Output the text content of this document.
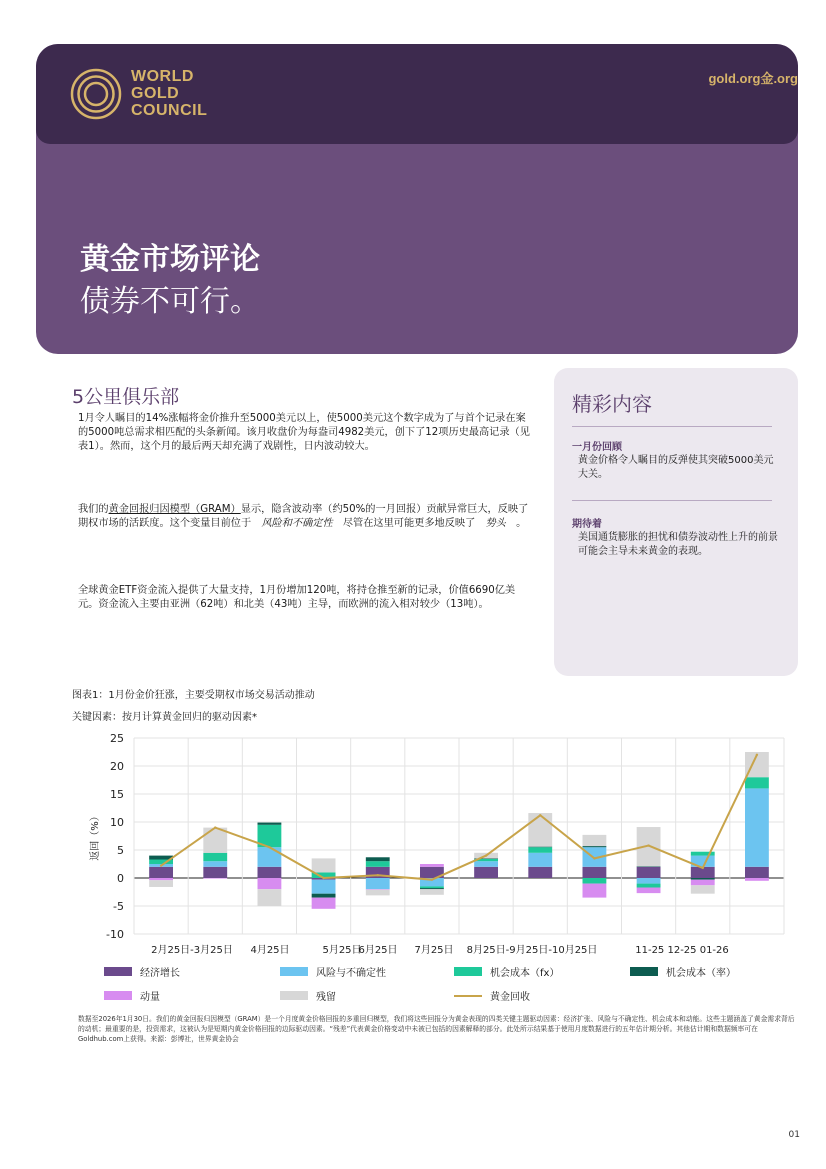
WORLD
GOLD
COUNCIL
gold.org金.org
黄金市场评论
债券不可行。
5公里俱乐部
1月令人瞩目的14%涨幅将金价推升至5000美元以上，使5000美元这个数字成为了与首个记录在案的5000吨总需求相匹配的头条新闻。该月收盘价为每盎司4982美元，创下了12项历史最高记录（见表1）。然而，这个月的最后两天却充满了戏剧性，日内波动较大。
我们的黄金回报归因模型（GRAM）显示，隐含波动率（约50%的一月回报）贡献异常巨大，反映了期权市场的活跃度。这个变量目前位于　 风险和不确定性　 尽管在这里可能更多地反映了　 势头　 。
全球黄金ETF资金流入提供了大量支持，1月份增加120吨，将持仓推至新的记录，价值6690亿美元。资金流入主要由亚洲（62吨）和北美（43吨）主导，而欧洲的流入相对较少（13吨）。
精彩内容
一月份回顾
黄金价格令人瞩目的反弹使其突破5000美元大关。
期待着
美国通货膨胀的担忧和债券波动性上升的前景可能会主导未来黄金的表现。
图表1：1月份金价狂涨，主要受期权市场交易活动推动
关键因素：按月计算黄金回归的驱动因素*
25
20
15
10
5
0
-5
-10
返回（%）
2月25日-3月25日 4月25日	5月25日
6月25日 7月25日 8月25日-9月25日-10月25日	11-25 12-25 01-26
经济增长	风险与不确定性	机会成本（fx）	机会成本（率）
动量	残留	黄金回收
数据至2026年1月30日。我们的黄金回报归因模型（GRAM）是一个月度黄金价格回报的多重回归模型，我们将这些回报分为黄金表现的四类关键主题驱动因素：经济扩张、风险与不确定性、机会成本和动能。这些主题涵盖了黄金需求背后的动机；最重要的是，投资需求，这被认为是短期内黄金价格回报的边际驱动因素。“残差”代表黄金价格变动中未被已包括的因素解释的部分。此处所示结果基于使用月度数据进行的五年估计期分析。其他估计期和数据频率可在Goldhub.com上获得。来源：彭博社，世界黄金协会
01
